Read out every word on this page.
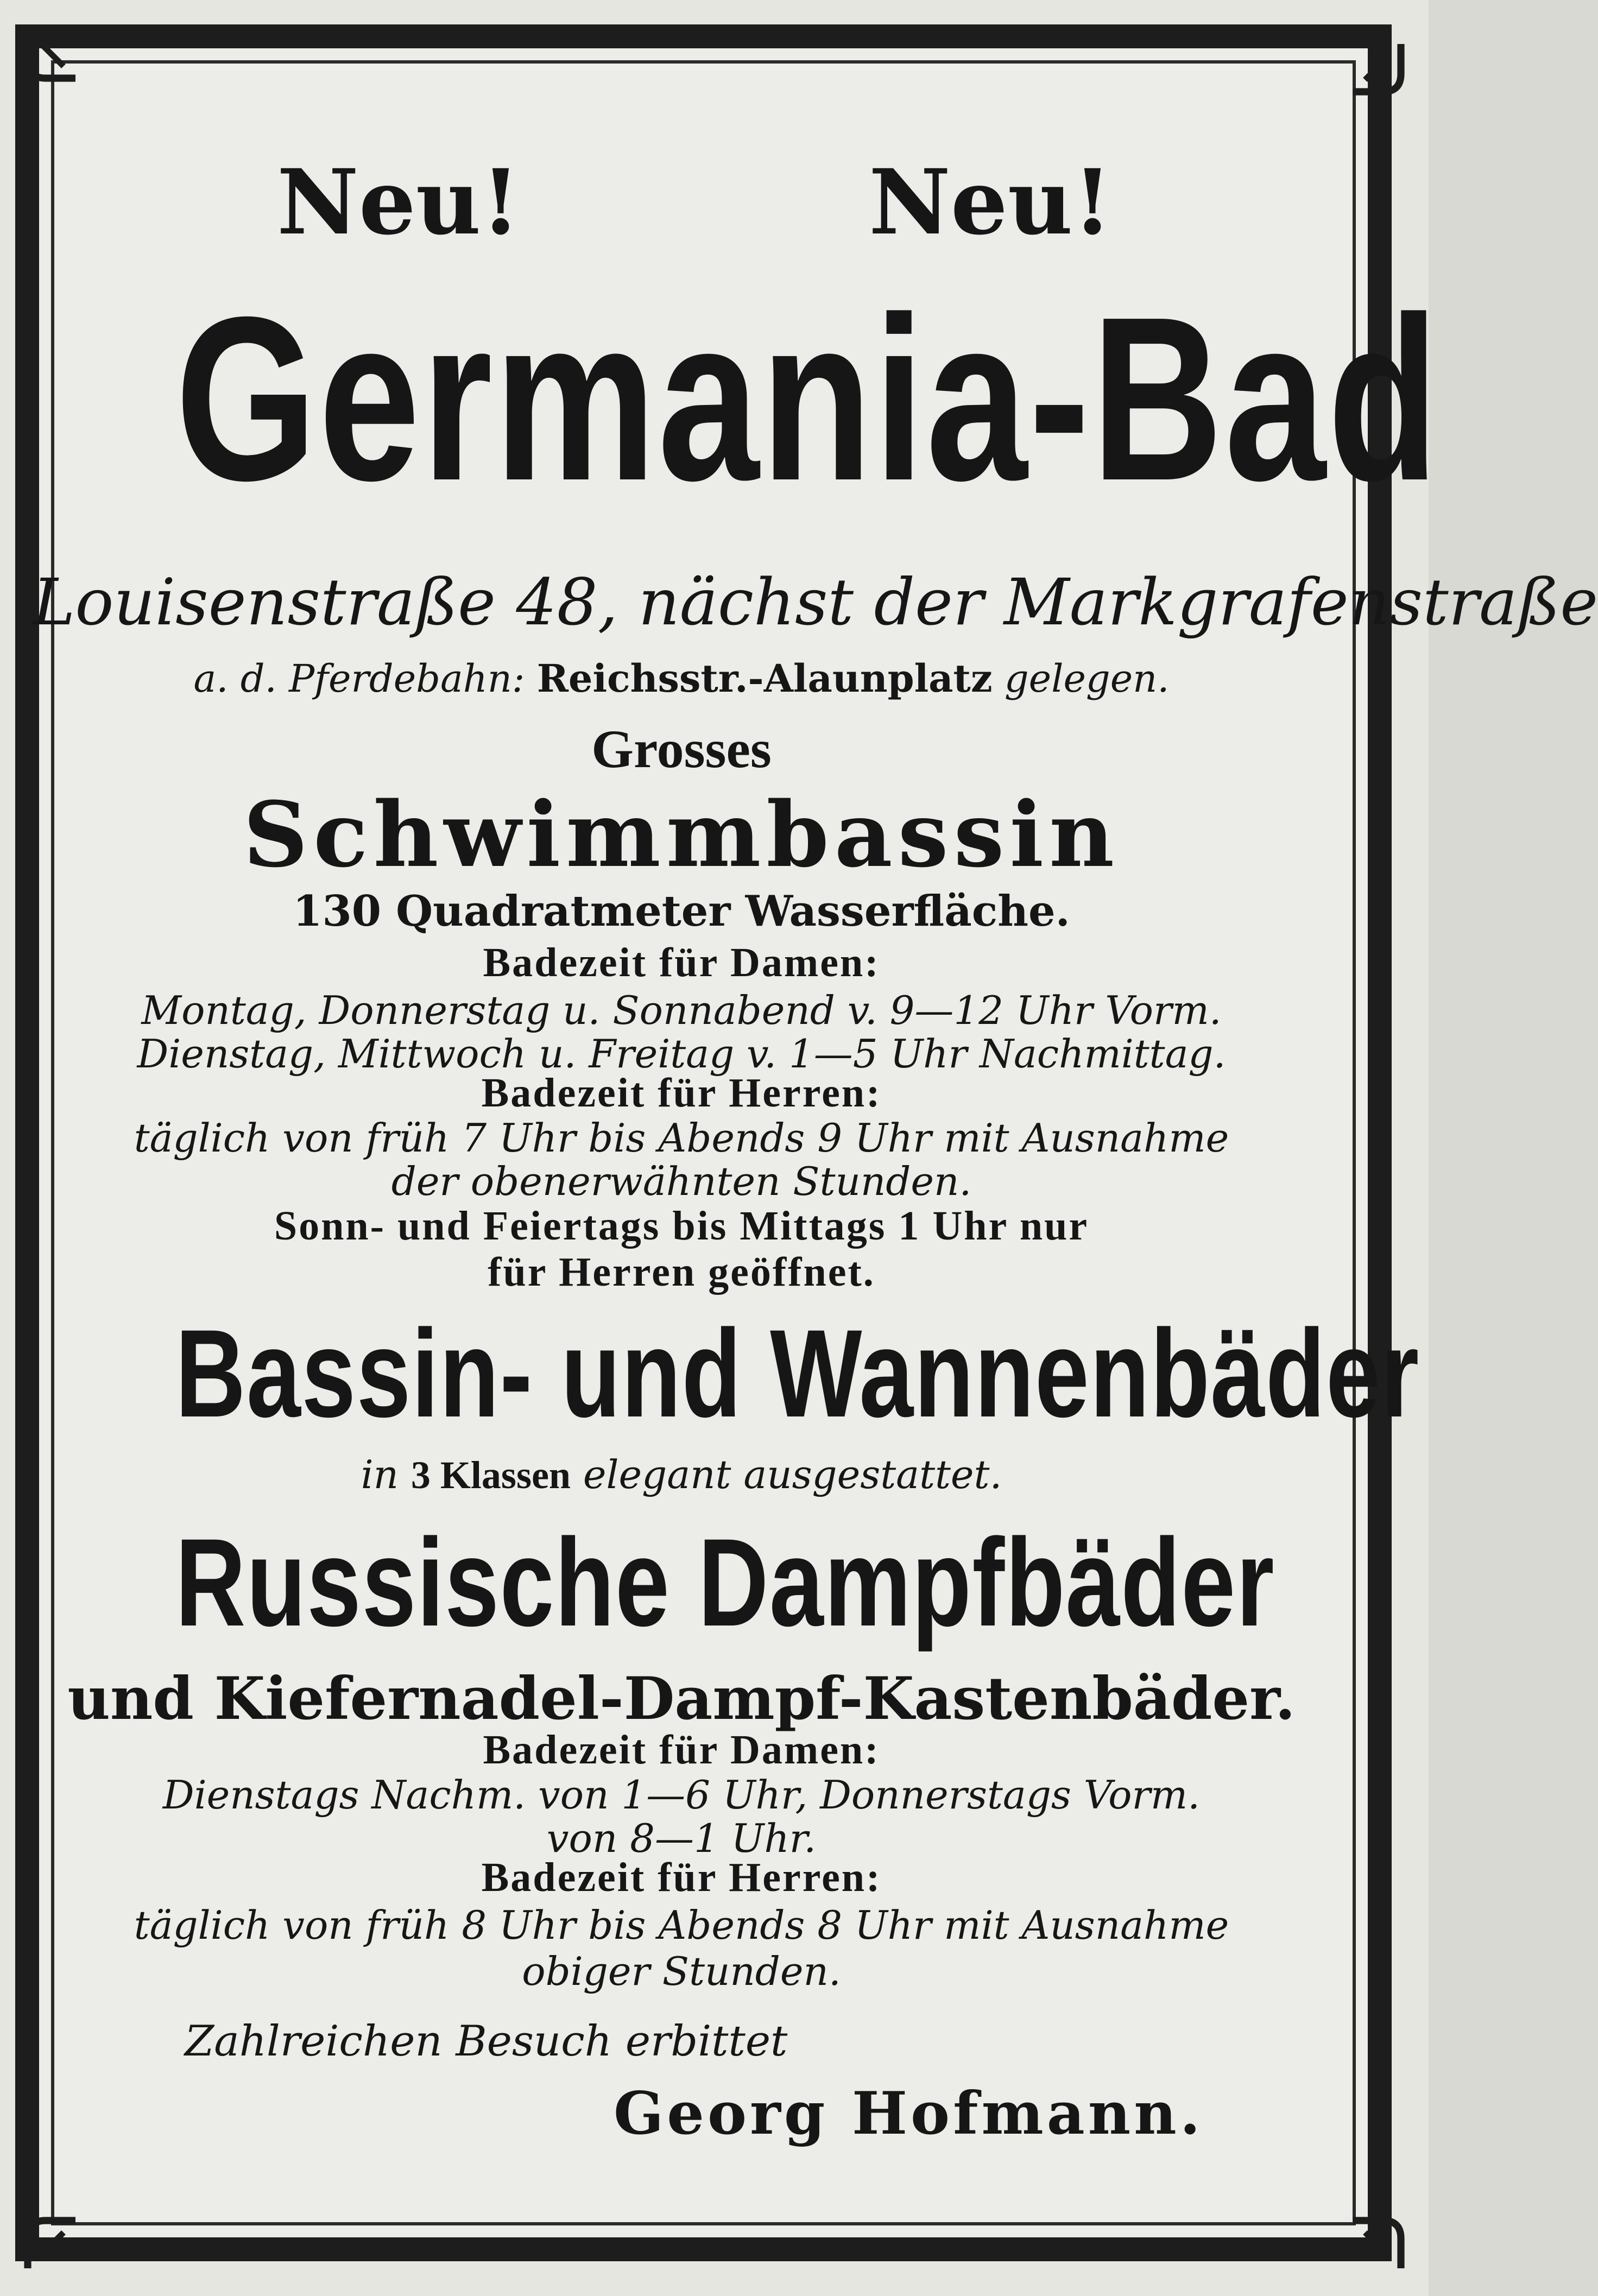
Neu!	Neu!
Germania-Bad
Louisenstraße 48, nächst der Markgrafenstraße
a. d. Pferdebahn: Reichsstr.-Alaunplatz gelegen.
Grosses
Schwimmbassin
130 Quadratmeter Wasserfläche.
Badezeit für Damen:
Montag, Donnerstag u. Sonnabend v. 9—12 Uhr Vorm.
Dienstag, Mittwoch u. Freitag v. 1—5 Uhr Nachmittag.
Badezeit für Herren:
täglich von früh 7 Uhr bis Abends 9 Uhr mit Ausnahme
der obenerwähnten Stunden.
Sonn- und Feiertags bis Mittags 1 Uhr nur
für Herren geöffnet.
Bassin- und Wannenbäder
in 3 Klassen elegant ausgestattet.
Russische Dampfbäder
und Kiefernadel-Dampf-Kastenbäder.
Badezeit für Damen:
Dienstags Nachm. von 1—6 Uhr, Donnerstags Vorm.
von 8—1 Uhr.
Badezeit für Herren:
täglich von früh 8 Uhr bis Abends 8 Uhr mit Ausnahme
obiger Stunden.
Zahlreichen Besuch erbittet
Georg Hofmann.
